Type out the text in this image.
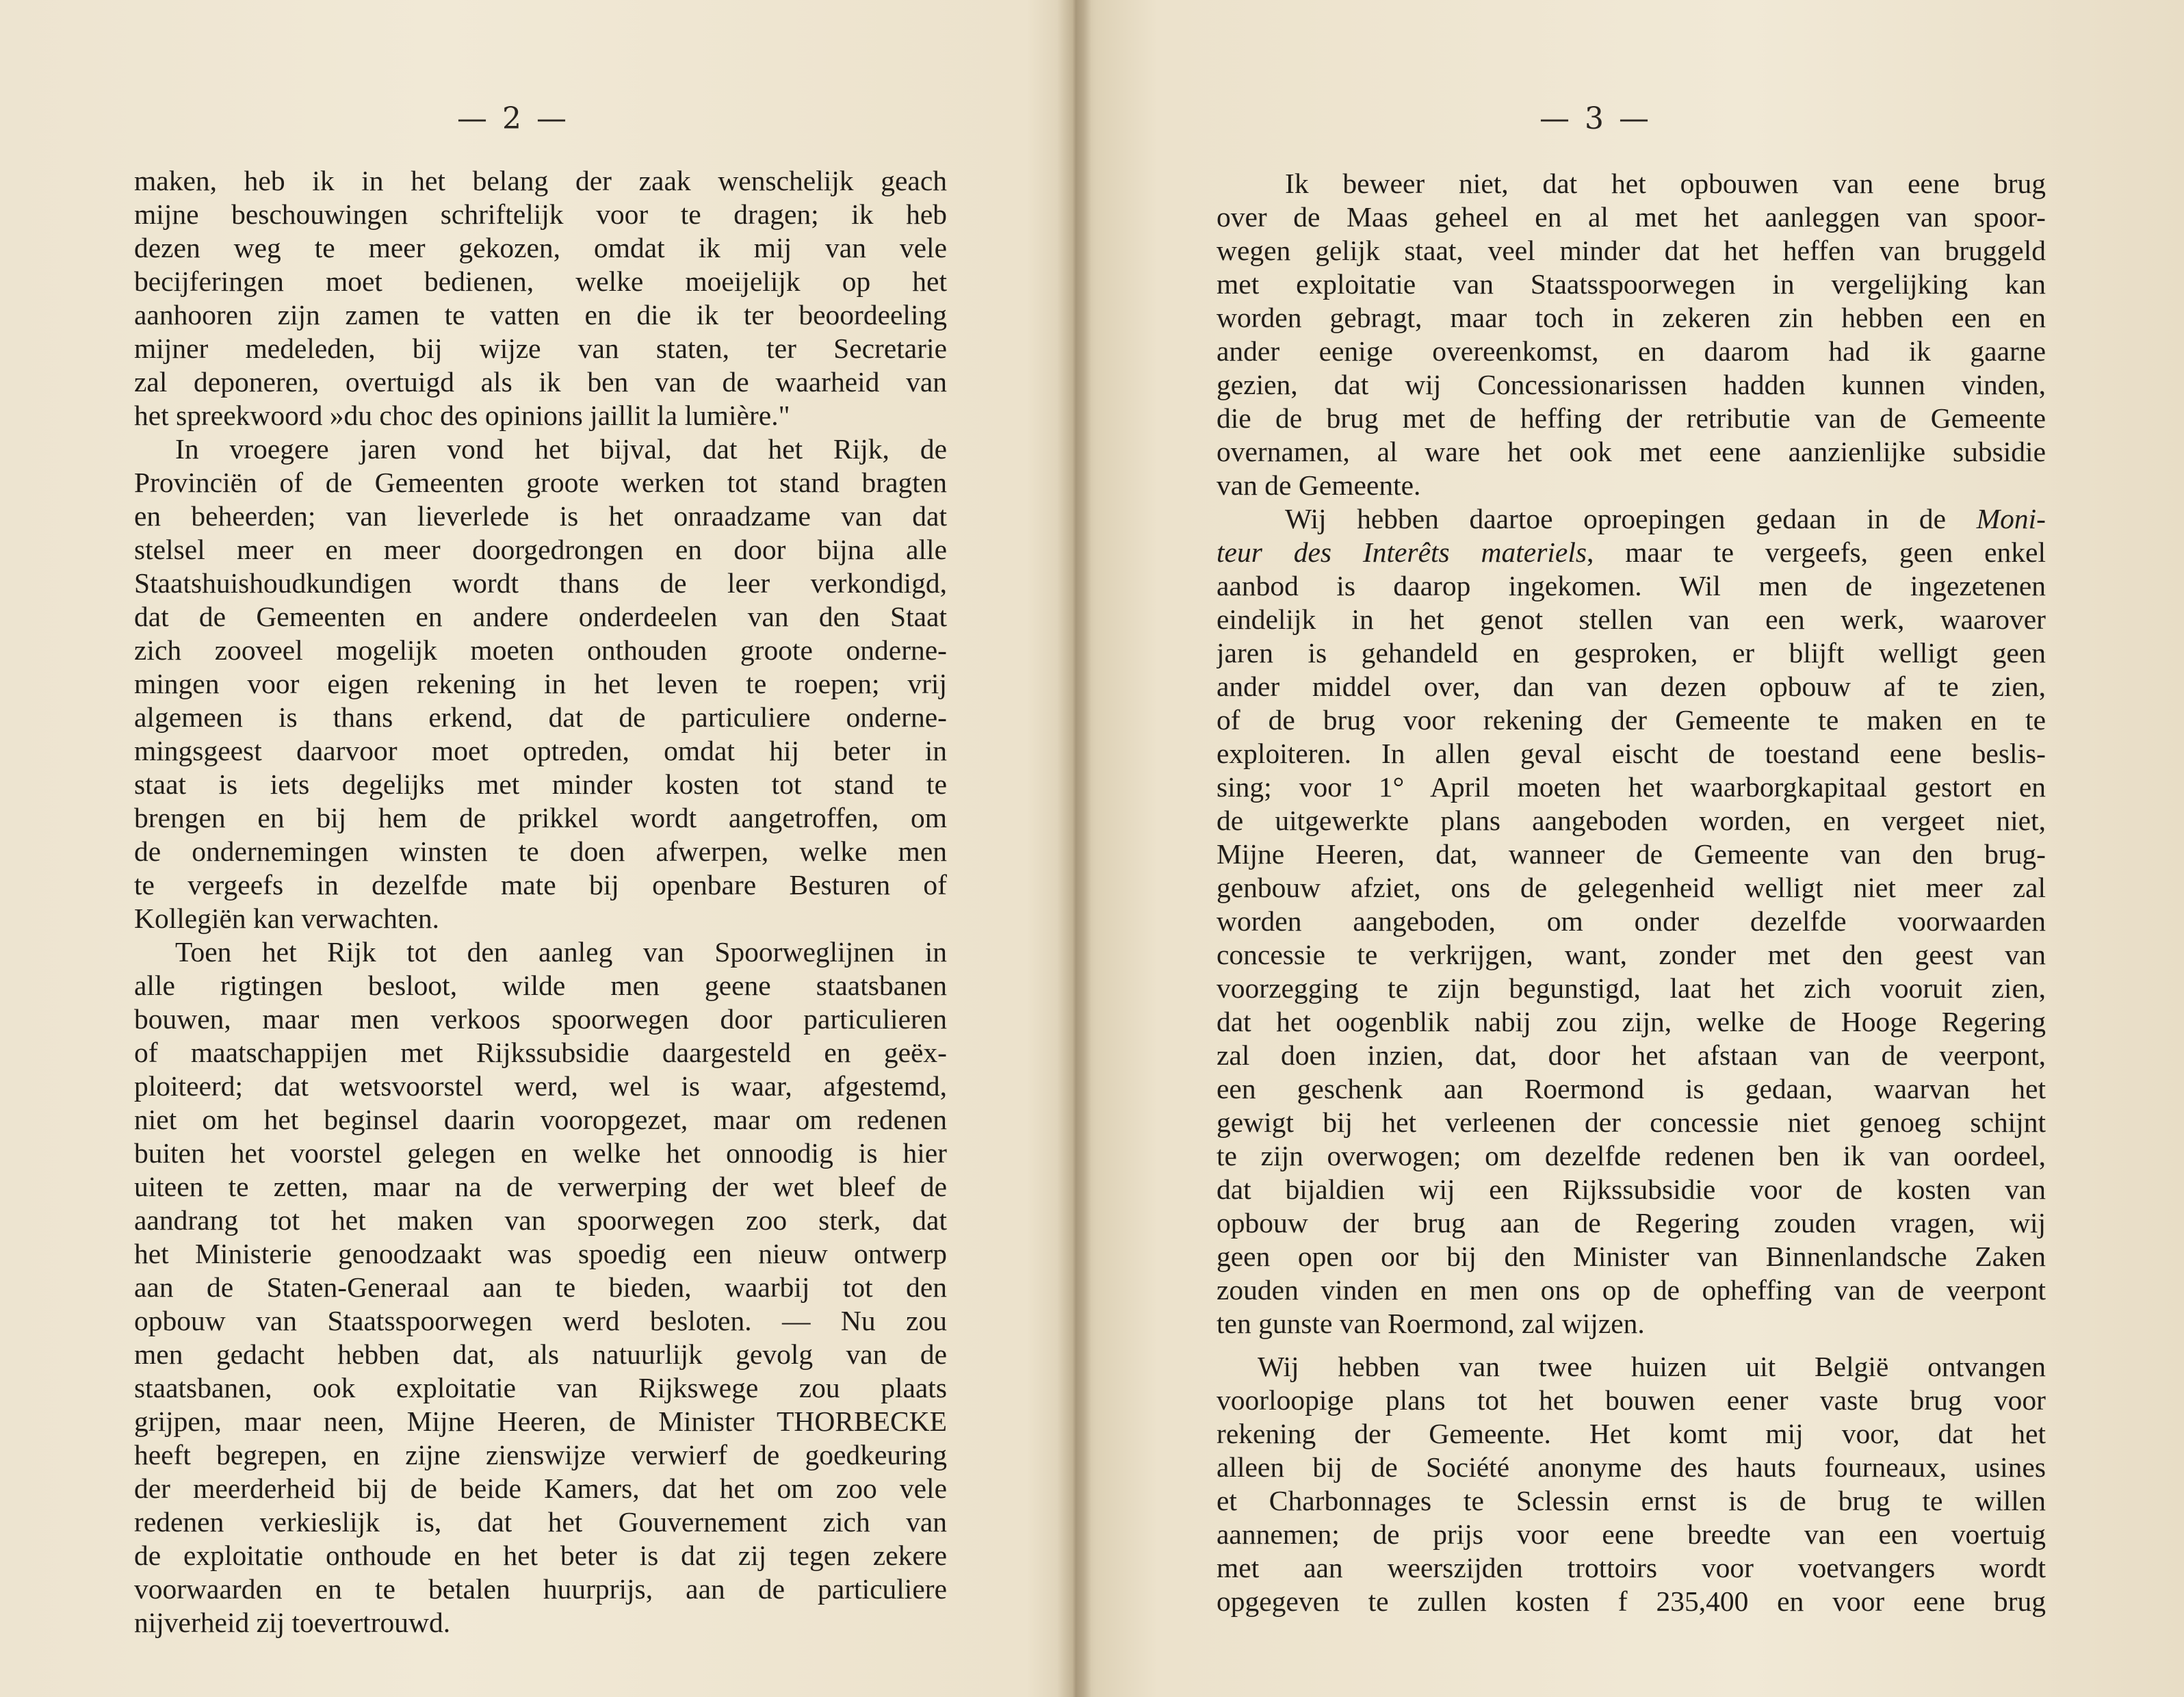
— 2 —
maken, heb ik in het belang der zaak wenschelijk geach
mijne beschouwingen schriftelijk voor te dragen; ik heb
dezen weg te meer gekozen, omdat ik mij van vele
becijferingen moet bedienen, welke moeijelijk op het
aanhooren zijn zamen te vatten en die ik ter beoordeeling
mijner medeleden, bij wijze van staten, ter Secretarie
zal deponeren, overtuigd als ik ben van de waarheid van
het spreekwoord »du choc des opinions jaillit la lumière."
In vroegere jaren vond het bijval, dat het Rijk, de
Provinciën of de Gemeenten groote werken tot stand bragten
en beheerden; van lieverlede is het onraadzame van dat
stelsel meer en meer doorgedrongen en door bijna alle
Staatshuishoudkundigen wordt thans de leer verkondigd,
dat de Gemeenten en andere onderdeelen van den Staat
zich zooveel mogelijk moeten onthouden groote onderne-
mingen voor eigen rekening in het leven te roepen; vrij
algemeen is thans erkend, dat de particuliere onderne-
mingsgeest daarvoor moet optreden, omdat hij beter in
staat is iets degelijks met minder kosten tot stand te
brengen en bij hem de prikkel wordt aangetroffen, om
de ondernemingen winsten te doen afwerpen, welke men
te vergeefs in dezelfde mate bij openbare Besturen of
Kollegiën kan verwachten.
Toen het Rijk tot den aanleg van Spoorweglijnen in
alle rigtingen besloot, wilde men geene staatsbanen
bouwen, maar men verkoos spoorwegen door particulieren
of maatschappijen met Rijkssubsidie daargesteld en geëx-
ploiteerd; dat wetsvoorstel werd, wel is waar, afgestemd,
niet om het beginsel daarin vooropgezet, maar om redenen
buiten het voorstel gelegen en welke het onnoodig is hier
uiteen te zetten, maar na de verwerping der wet bleef de
aandrang tot het maken van spoorwegen zoo sterk, dat
het Ministerie genoodzaakt was spoedig een nieuw ontwerp
aan de Staten-Generaal aan te bieden, waarbij tot den
opbouw van Staatsspoorwegen werd besloten. — Nu zou
men gedacht hebben dat, als natuurlijk gevolg van de
staatsbanen, ook exploitatie van Rijkswege zou plaats
grijpen, maar neen, Mijne Heeren, de Minister THORBECKE
heeft begrepen, en zijne zienswijze verwierf de goedkeuring
der meerderheid bij de beide Kamers, dat het om zoo vele
redenen verkieslijk is, dat het Gouvernement zich van
de exploitatie onthoude en het beter is dat zij tegen zekere
voorwaarden en te betalen huurprijs, aan de particuliere
nijverheid zij toevertrouwd.
— 3 —
Ik beweer niet, dat het opbouwen van eene brug
over de Maas geheel en al met het aanleggen van spoor-
wegen gelijk staat, veel minder dat het heffen van bruggeld
met exploitatie van Staatsspoorwegen in vergelijking kan
worden gebragt, maar toch in zekeren zin hebben een en
ander eenige overeenkomst, en daarom had ik gaarne
gezien, dat wij Concessionarissen hadden kunnen vinden,
die de brug met de heffing der retributie van de Gemeente
overnamen, al ware het ook met eene aanzienlijke subsidie
van de Gemeente.
Wij hebben daartoe oproepingen gedaan in de Moni-
teur des Interêts materiels, maar te vergeefs, geen enkel
aanbod is daarop ingekomen. Wil men de ingezetenen
eindelijk in het genot stellen van een werk, waarover
jaren is gehandeld en gesproken, er blijft welligt geen
ander middel over, dan van dezen opbouw af te zien,
of de brug voor rekening der Gemeente te maken en te
exploiteren. In allen geval eischt de toestand eene beslis-
sing; voor 1° April moeten het waarborgkapitaal gestort en
de uitgewerkte plans aangeboden worden, en vergeet niet,
Mijne Heeren, dat, wanneer de Gemeente van den brug-
genbouw afziet, ons de gelegenheid welligt niet meer zal
worden aangeboden, om onder dezelfde voorwaarden
concessie te verkrijgen, want, zonder met den geest van
voorzegging te zijn begunstigd, laat het zich vooruit zien,
dat het oogenblik nabij zou zijn, welke de Hooge Regering
zal doen inzien, dat, door het afstaan van de veerpont,
een geschenk aan Roermond is gedaan, waarvan het
gewigt bij het verleenen der concessie niet genoeg schijnt
te zijn overwogen; om dezelfde redenen ben ik van oordeel,
dat bijaldien wij een Rijkssubsidie voor de kosten van
opbouw der brug aan de Regering zouden vragen, wij
geen open oor bij den Minister van Binnenlandsche Zaken
zouden vinden en men ons op de opheffing van de veerpont
ten gunste van Roermond, zal wijzen.
Wij hebben van twee huizen uit België ontvangen
voorloopige plans tot het bouwen eener vaste brug voor
rekening der Gemeente. Het komt mij voor, dat het
alleen bij de Société anonyme des hauts fourneaux, usines
et Charbonnages te Sclessin ernst is de brug te willen
aannemen; de prijs voor eene breedte van een voertuig
met aan weerszijden trottoirs voor voetvangers wordt
opgegeven te zullen kosten f 235,400 en voor eene brug
